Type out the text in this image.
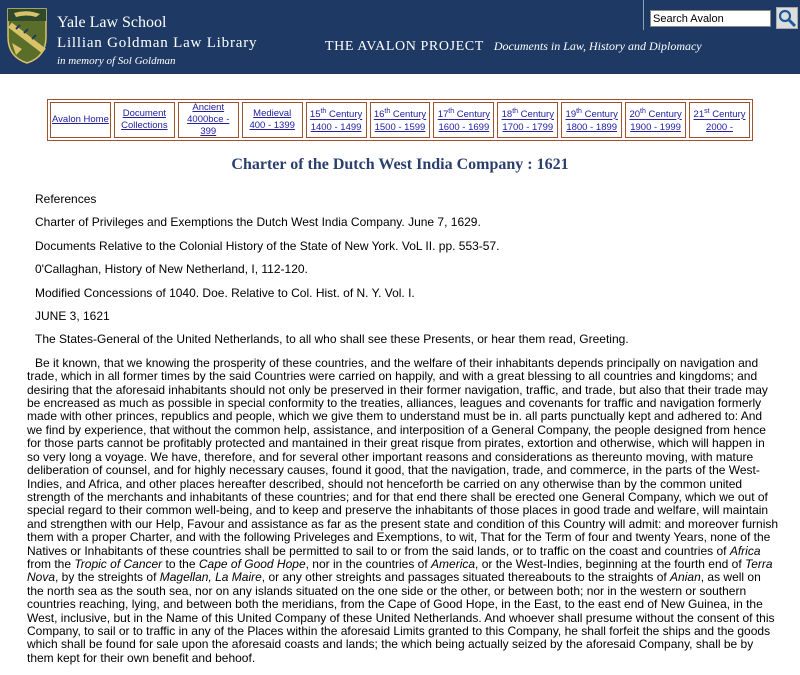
Yale Law School

Lillian Goldman Law Library

in memory of Sol Goldman

THE AVALON PROJECT Documents in Law, History and Diplomacy
Search Avalon
Avalon Home
Document
Collections
Ancient
4000bce - 399
Medieval
400 - 1399
15th Century
1400 - 1499
16th Century
1500 - 1599
17th Century
1600 - 1699
18th Century
1700 - 1799
19th Century
1800 - 1899
20th Century
1900 - 1999
21st Century
2000 -
Charter of the Dutch West India Company : 1621

References

Charter of Privileges and Exemptions the Dutch West India Company. June 7, 1629.

Documents Relative to the Colonial History of the State of New York. VoL II. pp. 553-57.

0'Callaghan, History of New Netherland, I, 112-120.

Modified Concessions of 1040. Doe. Relative to Col. Hist. of N. Y. Vol. I.

JUNE 3, 1621

The States-General of the United Netherlands, to all who shall see these Presents, or hear them read, Greeting.

Be it known, that we knowing the prosperity of these countries, and the welfare of their inhabitants depends principally on navigation and trade, which in all former times by the said Countries were carried on happily, and with a great blessing to all countries and kingdoms; and desiring that the aforesaid inhabitants should not only be preserved in their former navigation, traffic, and trade, but also that their trade may be encreased as much as possible in special conformity to the treaties, alliances, leagues and covenants for traffic and navigation formerly made with other princes, republics and people, which we give them to understand must be in. all parts punctually kept and adhered to: And we find by experience, that without the common help, assistance, and interposition of a General Company, the people designed from hence for those parts cannot be profitably protected and mantained in their great risque from pirates, extortion and otherwise, which will happen in so very long a voyage. We have, therefore, and for several other important reasons and considerations as thereunto moving, with mature deliberation of counsel, and for highly necessary causes, found it good, that the navigation, trade, and commerce, in the parts of the West-Indies, and Africa, and other places hereafter described, should not henceforth be carried on any otherwise than by the common united strength of the merchants and inhabitants of these countries; and for that end there shall be erected one General Company, which we out of special regard to their common well-being, and to keep and preserve the inhabitants of those places in good trade and welfare, will maintain and strengthen with our Help, Favour and assistance as far as the present state and condition of this Country will admit: and moreover furnish them with a proper Charter, and with the following Priveleges and Exemptions, to wit, That for the Term of four and twenty Years, none of the Natives or Inhabitants of these countries shall be permitted to sail to or from the said lands, or to traffic on the coast and countries of Africa from the Tropic of Cancer to the Cape of Good Hope, nor in the countries of America, or the West-Indies, beginning at the fourth end of Terra Nova, by the streights of Magellan, La Maire, or any other streights and passages situated thereabouts to the straights of Anian, as well on the north sea as the south sea, nor on any islands situated on the one side or the other, or between both; nor in the western or southern countries reaching, lying, and between both the meridians, from the Cape of Good Hope, in the East, to the east end of New Guinea, in the West, inclusive, but in the Name of this United Company of these United Netherlands. And whoever shall presume without the consent of this Company, to sail or to traffic in any of the Places within the aforesaid Limits granted to this Company, he shall forfeit the ships and the goods which shall be found for sale upon the aforesaid coasts and lands; the which being actually seized by the aforesaid Company, shall be by them kept for their own benefit and behoof.
